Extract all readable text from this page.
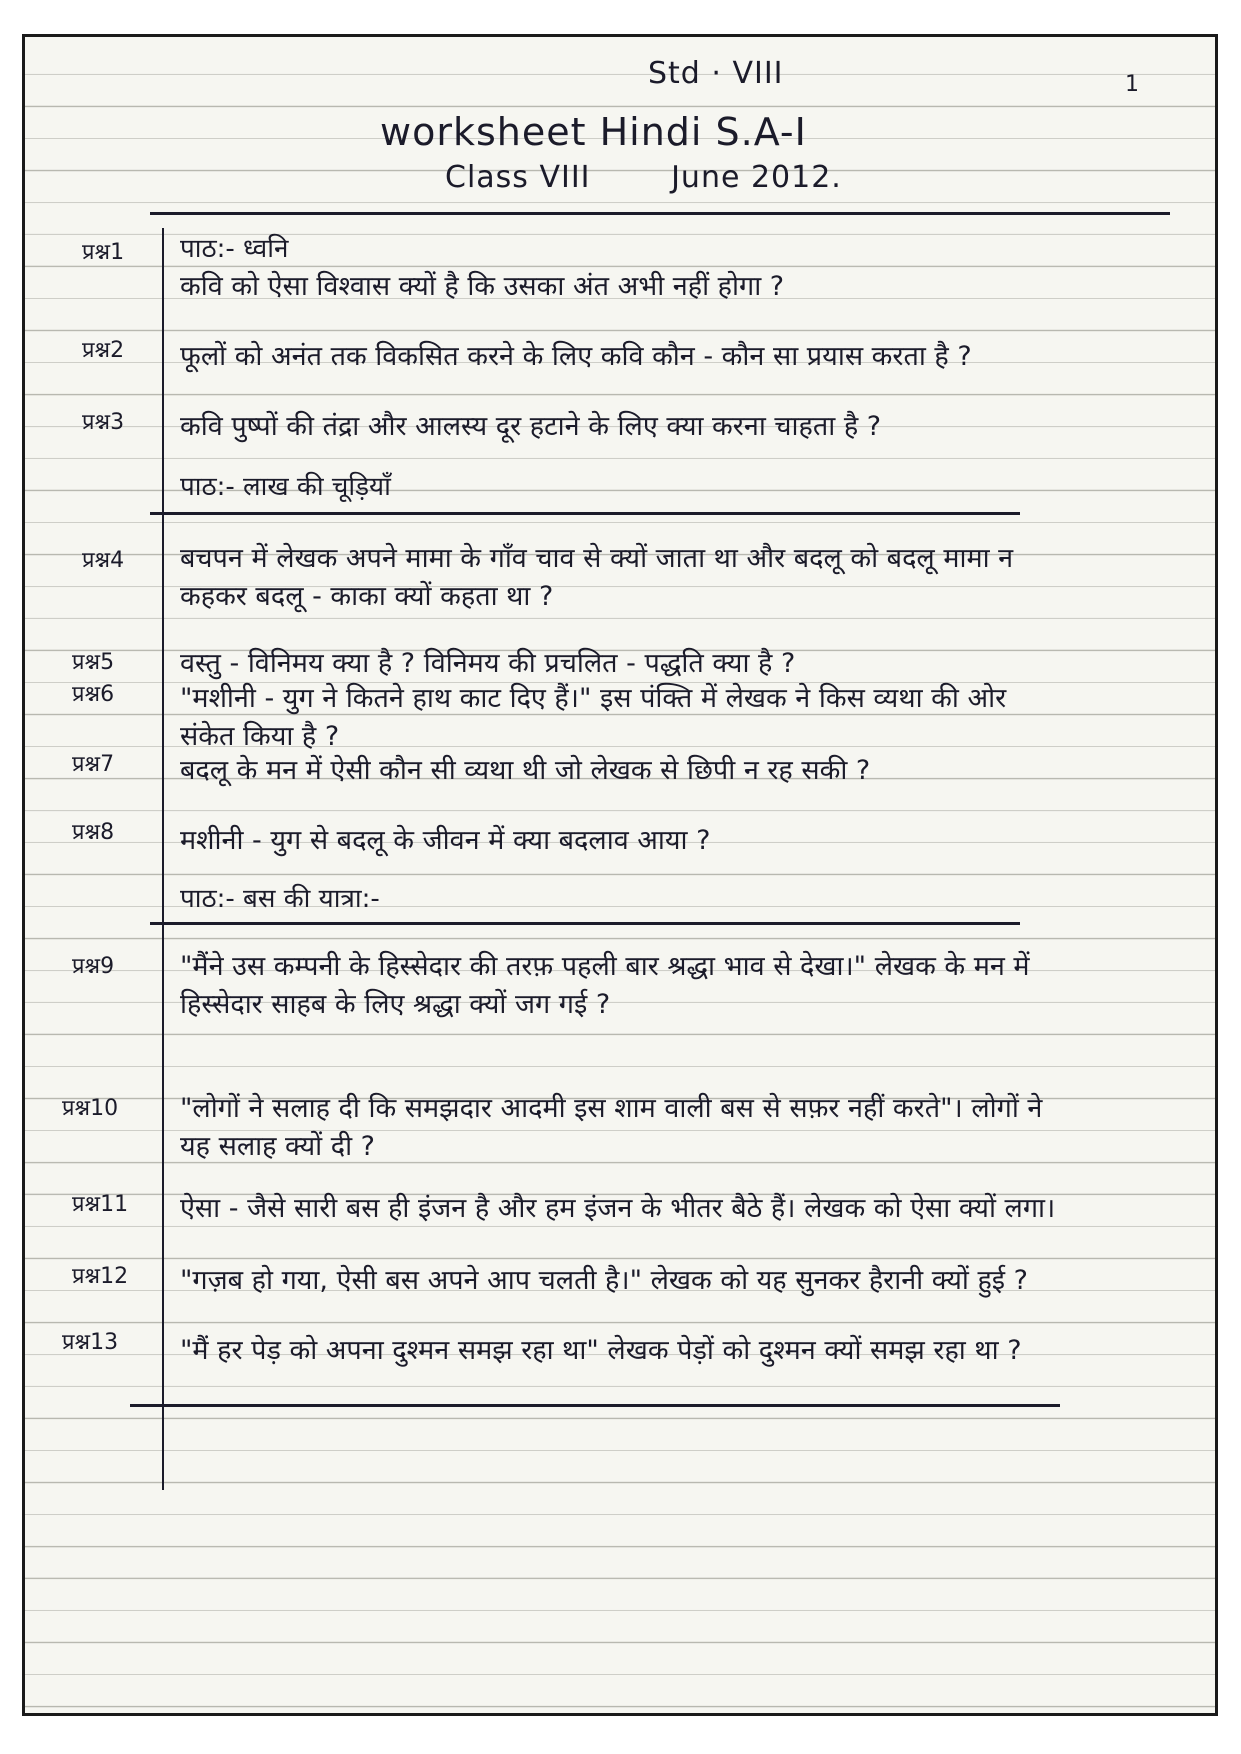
1
Std · VIII
worksheet Hindi S.A-I
Class VIII	June 2012.
पाठ:- ध्वनि
प्रश्न1
कवि को ऐसा विश्वास क्यों है कि उसका अंत अभी नहीं होगा ?
प्रश्न2 फूलों को अनंत तक विकसित करने के लिए कवि कौन - कौन सा प्रयास करता है ?
प्रश्न3 कवि पुष्पों की तंद्रा और आलस्य दूर हटाने के लिए क्या करना चाहता है ?
पाठ:- लाख की चूड़ियाँ
प्रश्न4 बचपन में लेखक अपने मामा के गाँव चाव से क्यों जाता था और बदलू को बदलू मामा न कहकर बदलू - काका क्यों कहता था ?
प्रश्न5 वस्तु - विनिमय क्या है ? विनिमय की प्रचलित - पद्धति क्या है ?
प्रश्न6 "मशीनी - युग ने कितने हाथ काट दिए हैं।" इस पंक्ति में लेखक ने किस व्यथा की ओर संकेत किया है ?
प्रश्न7 बदलू के मन में ऐसी कौन सी व्यथा थी जो लेखक से छिपी न रह सकी ?
प्रश्न8 मशीनी - युग से बदलू के जीवन में क्या बदलाव आया ?
पाठ:- बस की यात्रा:-
प्रश्न9 "मैंने उस कम्पनी के हिस्सेदार की तरफ़ पहली बार श्रद्धा भाव से देखा।" लेखक के मन में हिस्सेदार साहब के लिए श्रद्धा क्यों जग गई ?
प्रश्न10 "लोगों ने सलाह दी कि समझदार आदमी इस शाम वाली बस से सफ़र नहीं करते"। लोगों ने यह सलाह क्यों दी ?
प्रश्न11 ऐसा - जैसे सारी बस ही इंजन है और हम इंजन के भीतर बैठे हैं। लेखक को ऐसा क्यों लगा।
प्रश्न12 "गज़ब हो गया, ऐसी बस अपने आप चलती है।" लेखक को यह सुनकर हैरानी क्यों हुई ?
प्रश्न13 "मैं हर पेड़ को अपना दुश्मन समझ रहा था" लेखक पेड़ों को दुश्मन क्यों समझ रहा था ?
